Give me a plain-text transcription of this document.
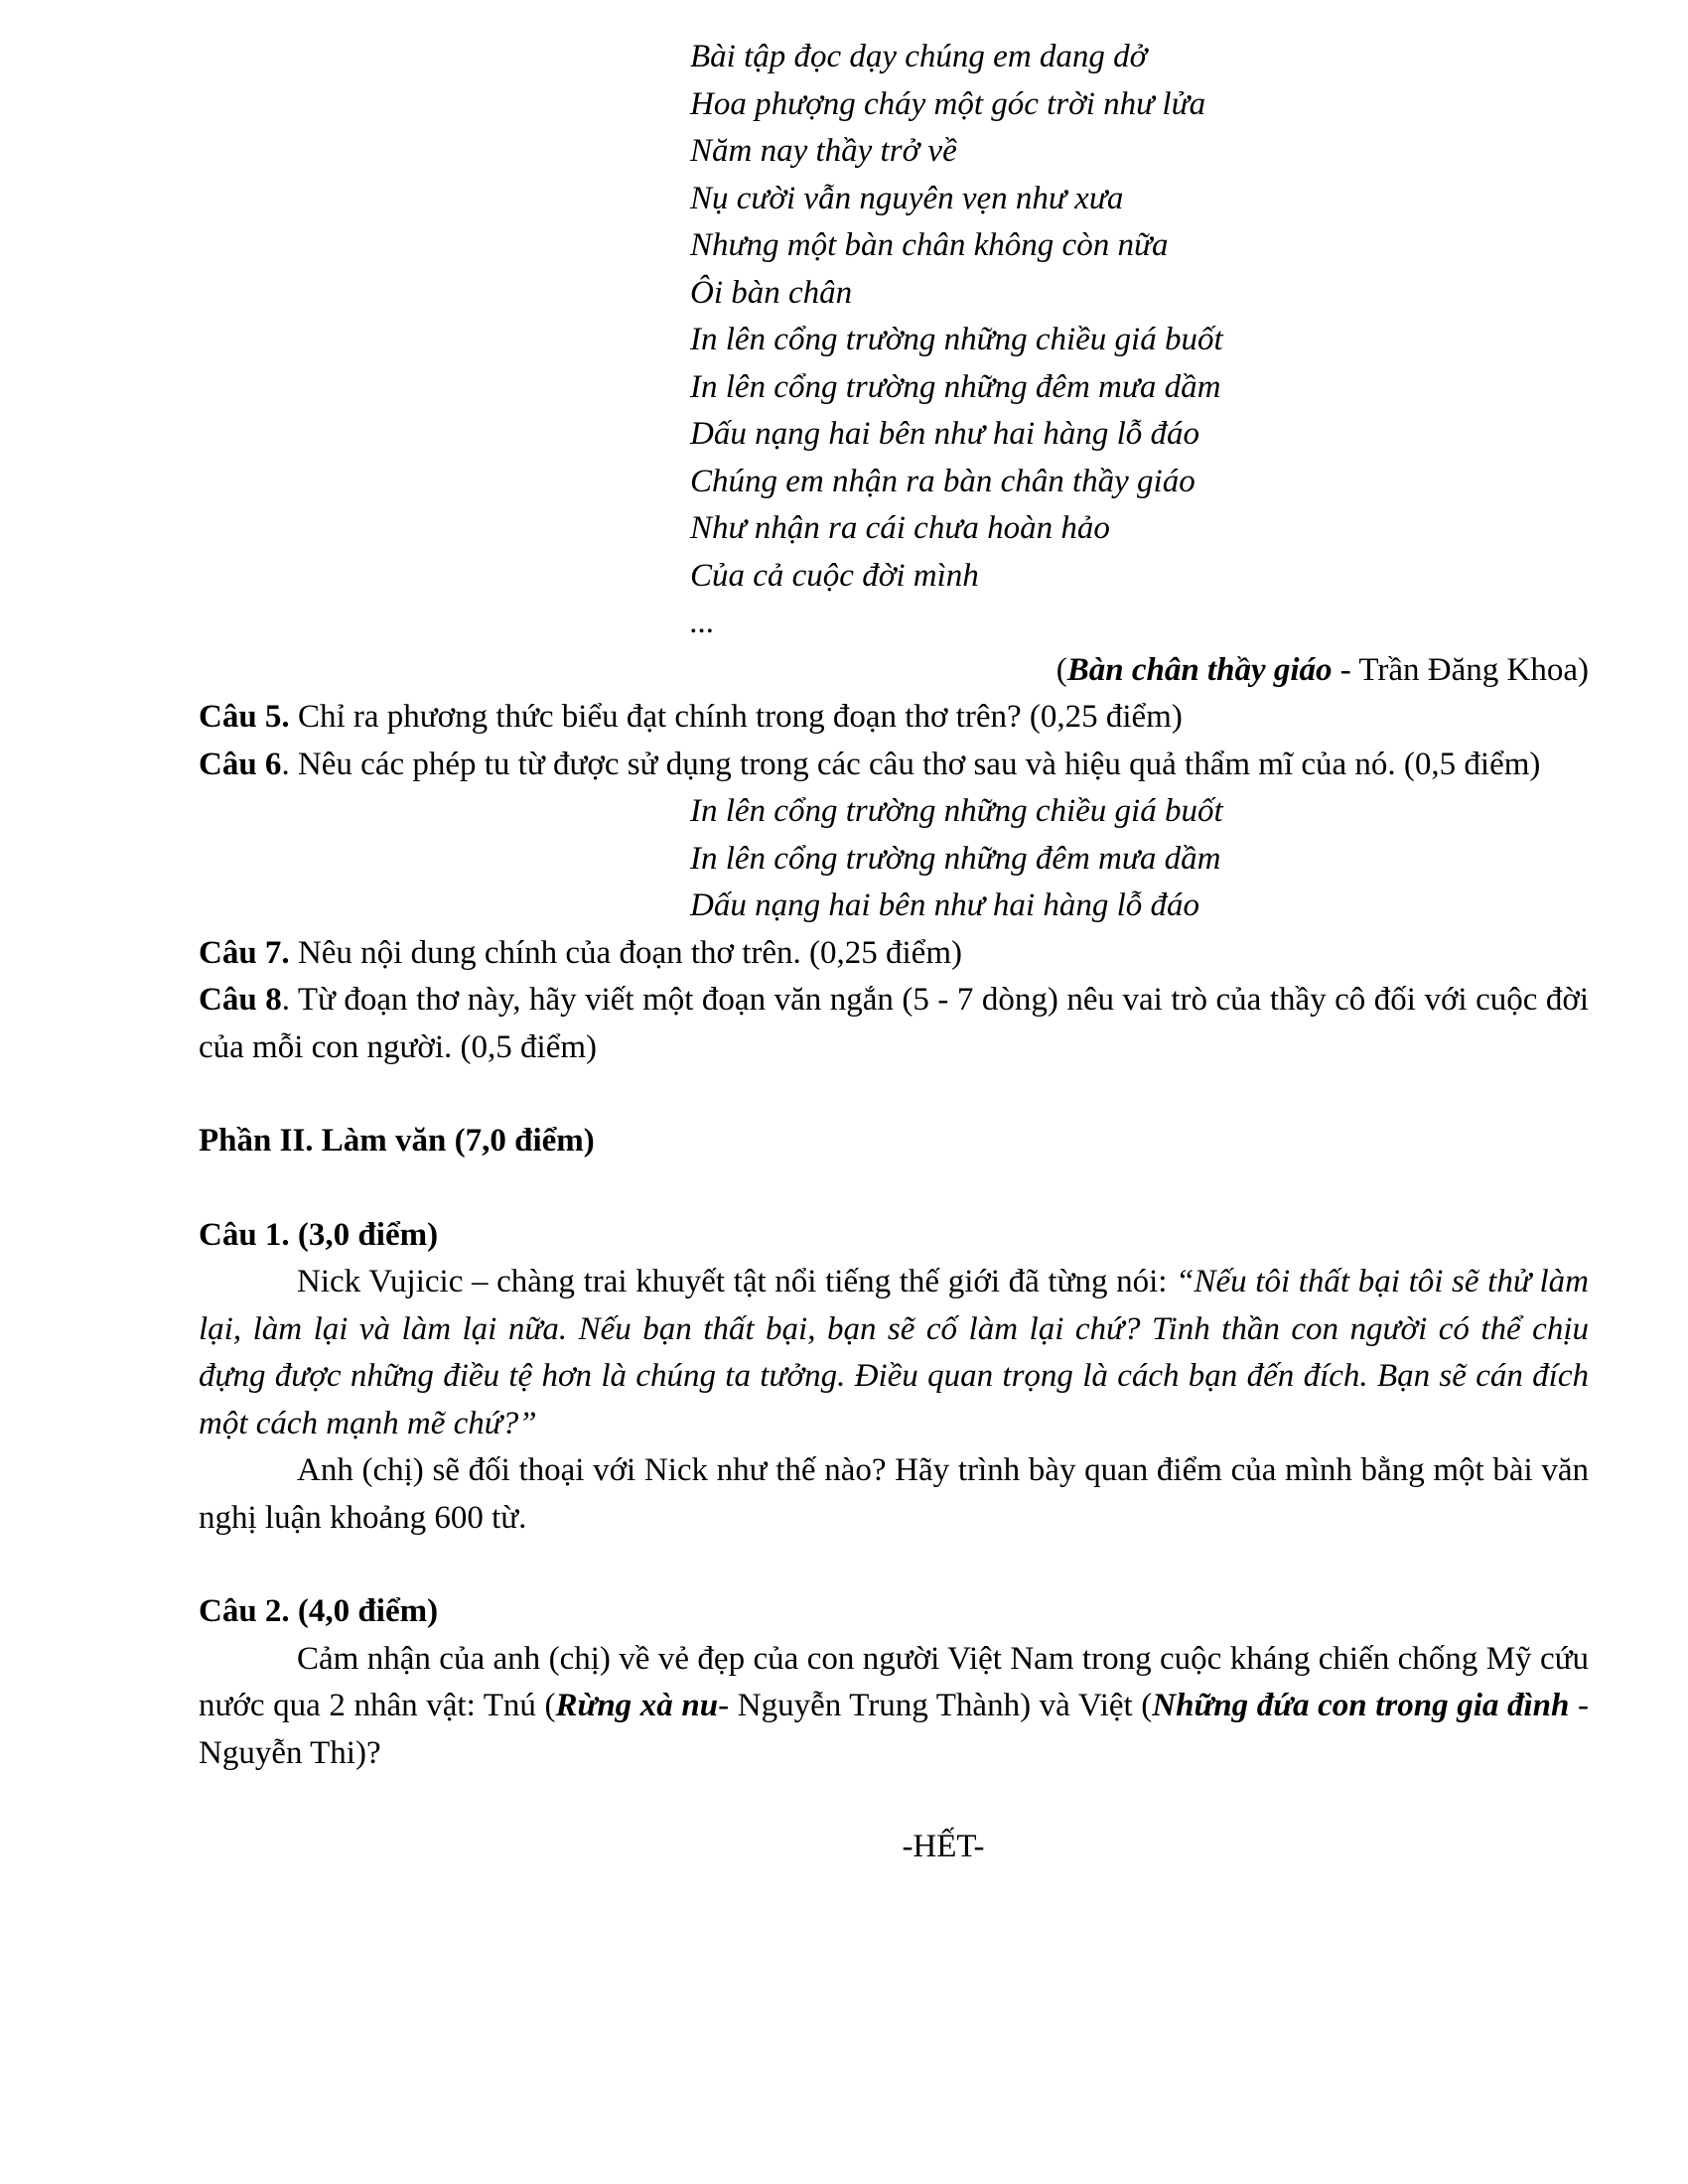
Bài tập đọc dạy chúng em dang dở

Hoa phượng cháy một góc trời như lửa

Năm nay thầy trở về

Nụ cười vẫn nguyên vẹn như xưa

Nhưng một bàn chân không còn nữa

Ôi bàn chân

In lên cổng trường những chiều giá buốt

In lên cổng trường những đêm mưa dầm

Dấu nạng hai bên như hai hàng lỗ đáo

Chúng em nhận ra bàn chân thầy giáo

Như nhận ra cái chưa hoàn hảo

Của cả cuộc đời mình

...

(Bàn chân thầy giáo - Trần Đăng Khoa)

Câu 5. Chỉ ra phương thức biểu đạt chính trong đoạn thơ trên? (0,25 điểm)

Câu 6. Nêu các phép tu từ được sử dụng trong các câu thơ sau và hiệu quả thẩm mĩ của nó. (0,5 điểm)

In lên cổng trường những chiều giá buốt

In lên cổng trường những đêm mưa dầm

Dấu nạng hai bên như hai hàng lỗ đáo

Câu 7. Nêu nội dung chính của đoạn thơ trên. (0,25 điểm)

Câu 8. Từ đoạn thơ này, hãy viết một đoạn văn ngắn (5 - 7 dòng) nêu vai trò của thầy cô đối với cuộc đời của mỗi con người. (0,5 điểm)

Phần II. Làm văn (7,0 điểm)

Câu 1. (3,0 điểm)

Nick Vujicic – chàng trai khuyết tật nổi tiếng thế giới đã từng nói: “Nếu tôi thất bại tôi sẽ thử làm lại, làm lại và làm lại nữa. Nếu bạn thất bại, bạn sẽ cố làm lại chứ? Tinh thần con người có thể chịu đựng được những điều tệ hơn là chúng ta tưởng. Điều quan trọng là cách bạn đến đích. Bạn sẽ cán đích một cách mạnh mẽ chứ?”

Anh (chị) sẽ đối thoại với Nick như thế nào? Hãy trình bày quan điểm của mình bằng một bài văn nghị luận khoảng 600 từ.

Câu 2. (4,0 điểm)

Cảm nhận của anh (chị) về vẻ đẹp của con người Việt Nam trong cuộc kháng chiến chống Mỹ cứu nước qua 2 nhân vật: Tnú (Rừng xà nu- Nguyễn Trung Thành) và Việt (Những đứa con trong gia đình - Nguyễn Thi)?

-HẾT-
